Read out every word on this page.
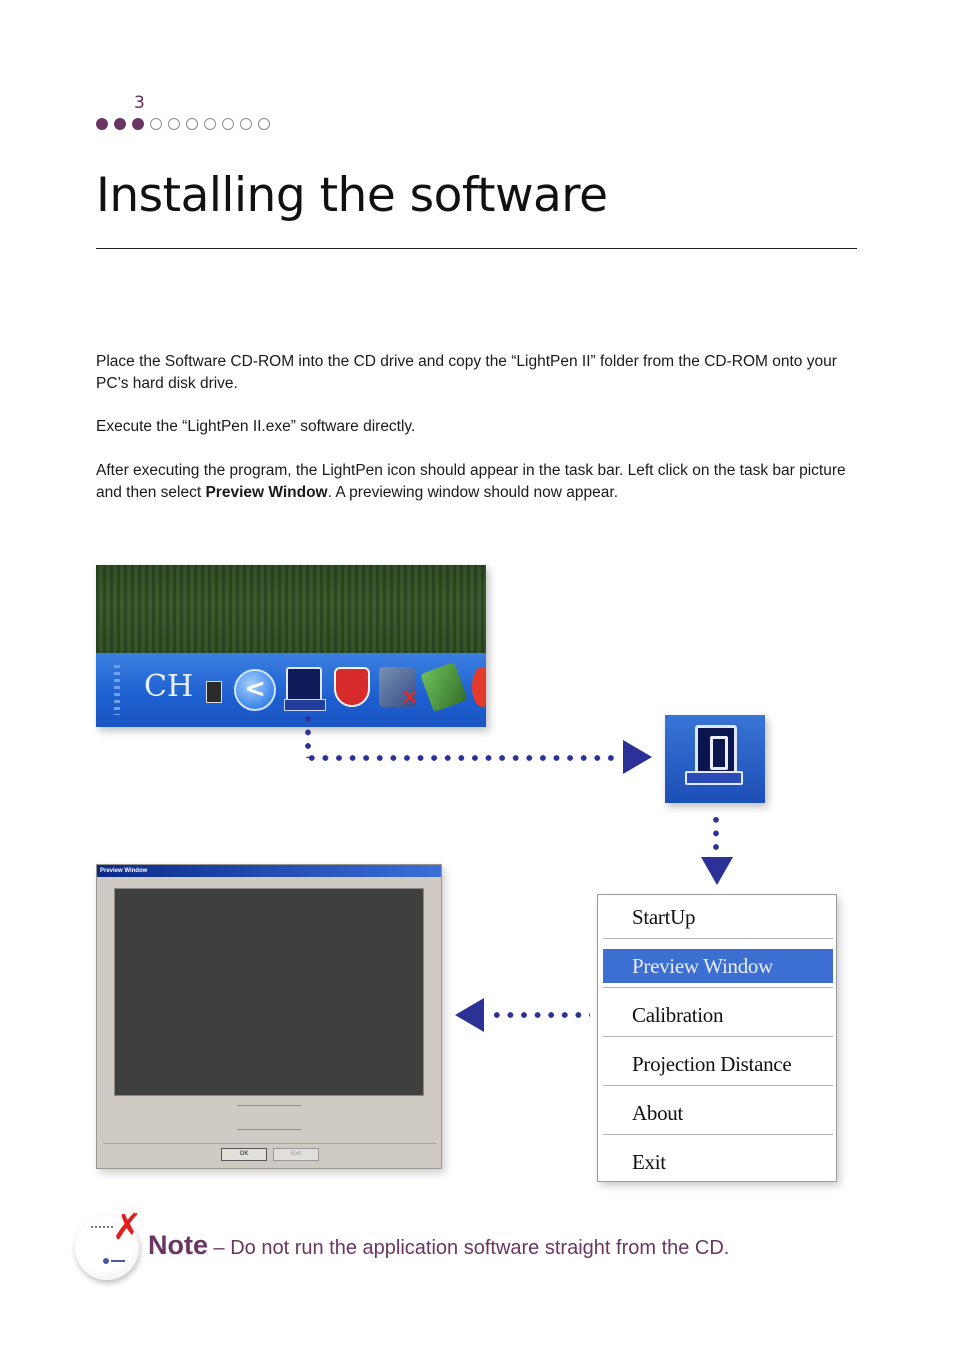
3
Installing the software

Place the Software CD-ROM into the CD drive and copy the “LightPen II” folder from the CD-ROM onto your PC’s hard disk drive.

Execute the “LightPen II.exe” software directly.

After executing the program, the LightPen icon should appear in the task bar. Left click on the task bar picture and then select Preview Window. A previewing window should now appear.

CH	<
✕
Preview Window
OK	Exit
StartUp
Preview Window
Calibration
Projection Distance
About
Exit
✗ Note – Do not run the application software straight from the CD.
